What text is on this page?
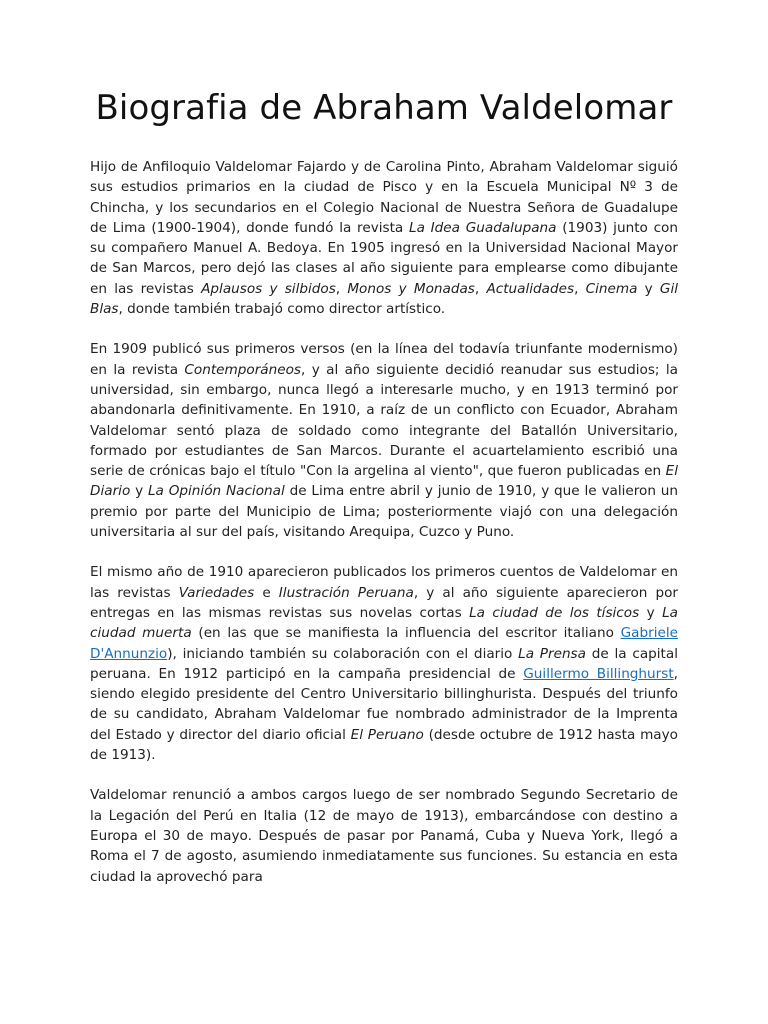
Biografia de Abraham Valdelomar

Hijo de Anfiloquio Valdelomar Fajardo y de Carolina Pinto, Abraham Valdelomar siguió sus estudios primarios en la ciudad de Pisco y en la Escuela Municipal Nº 3 de Chincha, y los secundarios en el Colegio Nacional de Nuestra Señora de Guadalupe de Lima (1900-1904), donde fundó la revista La Idea Guadalupana (1903) junto con su compañero Manuel A. Bedoya. En 1905 ingresó en la Universidad Nacional Mayor de San Marcos, pero dejó las clases al año siguiente para emplearse como dibujante en las revistas Aplausos y silbidos, Monos y Monadas, Actualidades, Cinema y Gil Blas, donde también trabajó como director artístico.

En 1909 publicó sus primeros versos (en la línea del todavía triunfante modernismo) en la revista Contemporáneos, y al año siguiente decidió reanudar sus estudios; la universidad, sin embargo, nunca llegó a interesarle mucho, y en 1913 terminó por abandonarla definitivamente. En 1910, a raíz de un conflicto con Ecuador, Abraham Valdelomar sentó plaza de soldado como integrante del Batallón Universitario, formado por estudiantes de San Marcos. Durante el acuartelamiento escribió una serie de crónicas bajo el título "Con la argelina al viento", que fueron publicadas en El Diario y La Opinión Nacional de Lima entre abril y junio de 1910, y que le valieron un premio por parte del Municipio de Lima; posteriormente viajó con una delegación universitaria al sur del país, visitando Arequipa, Cuzco y Puno.

El mismo año de 1910 aparecieron publicados los primeros cuentos de Valdelomar en las revistas Variedades e Ilustración Peruana, y al año siguiente aparecieron por entregas en las mismas revistas sus novelas cortas La ciudad de los tísicos y La ciudad muerta (en las que se manifiesta la influencia del escritor italiano Gabriele D'Annunzio), iniciando también su colaboración con el diario La Prensa de la capital peruana. En 1912 participó en la campaña presidencial de Guillermo Billinghurst, siendo elegido presidente del Centro Universitario billinghurista. Después del triunfo de su candidato, Abraham Valdelomar fue nombrado administrador de la Imprenta del Estado y director del diario oficial El Peruano (desde octubre de 1912 hasta mayo de 1913).

Valdelomar renunció a ambos cargos luego de ser nombrado Segundo Secretario de la Legación del Perú en Italia (12 de mayo de 1913), embarcándose con destino a Europa el 30 de mayo. Después de pasar por Panamá, Cuba y Nueva York, llegó a Roma el 7 de agosto, asumiendo inmediatamente sus funciones. Su estancia en esta ciudad la aprovechó para
